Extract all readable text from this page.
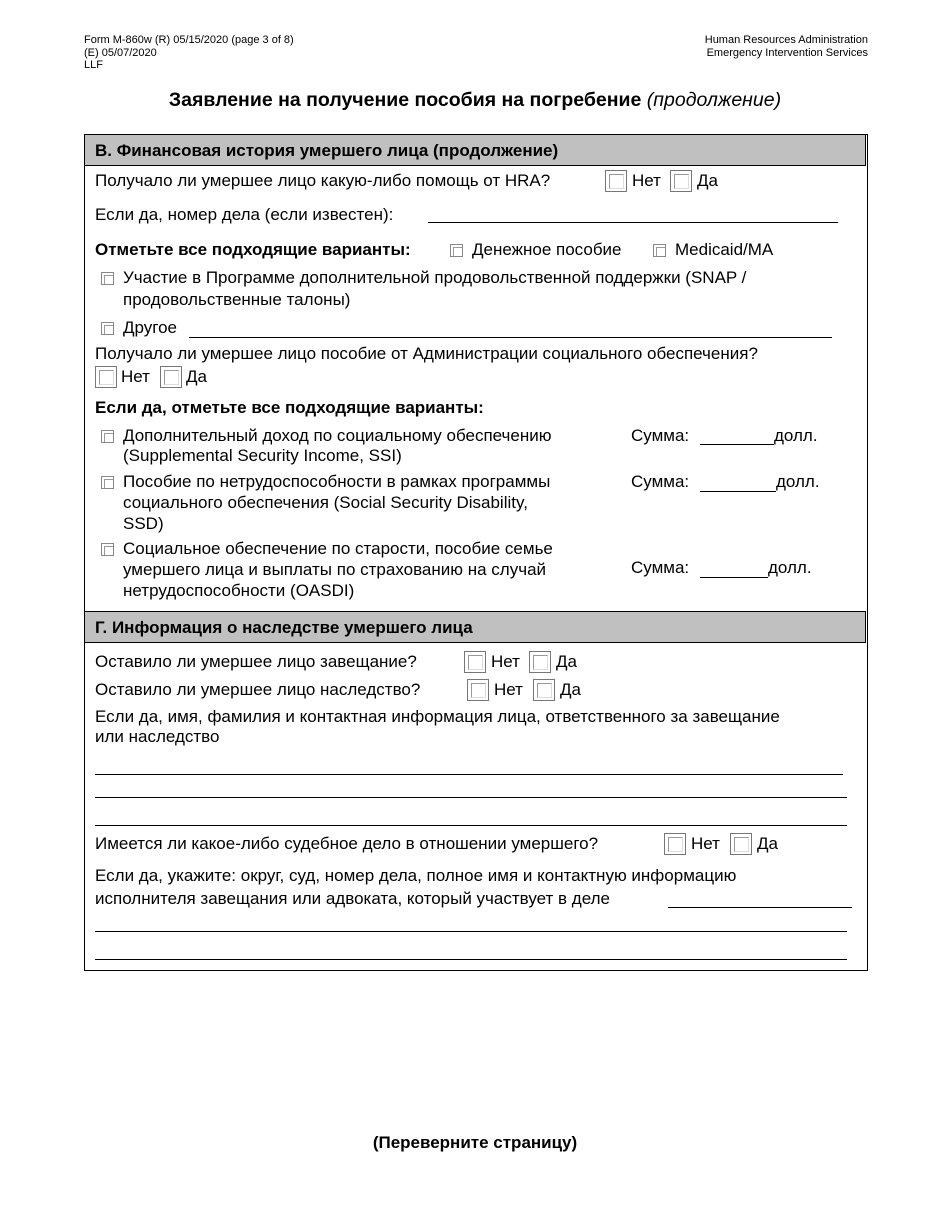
Form M-860w (R) 05/15/2020 (page 3 of 8)
(E) 05/07/2020
LLF
Human Resources Administration
Emergency Intervention Services
Заявление на получение пособия на погребение (продолжение)
В. Финансовая история умершего лица (продолжение)
Получало ли умершее лицо какую-либо помощь от HRA?	Нет Да
Если да, номер дела (если известен):
Отметьте все подходящие варианты:	Денежное пособие	Medicaid/MA
Участие в Программе дополнительной продовольственной поддержки (SNAP /
продовольственные талоны)
Другое
Получало ли умершее лицо пособие от Администрации социального обеспечения?
Нет Да
Если да, отметьте все подходящие варианты:
Дополнительный доход по социальному обеспечению
(Supplemental Security Income, SSI)
Сумма:	долл.
Пособие по нетрудоспособности в рамках программы
социального обеспечения (Social Security Disability,
SSD)
Сумма:	долл.
Социальное обеспечение по старости, пособие семье
умершего лица и выплаты по страхованию на случай
нетрудоспособности (OASDI)
Сумма:	долл.
Г. Информация о наследстве умершего лица
Оставило ли умершее лицо завещание?	Нет Да
Оставило ли умершее лицо наследство?	Нет Да
Если да, имя, фамилия и контактная информация лица, ответственного за завещание
или наследство
Имеется ли какое-либо судебное дело в отношении умершего?	Нет Да
Если да, укажите: округ, суд, номер дела, полное имя и контактную информацию
исполнителя завещания или адвоката, который участвует в деле
(Переверните страницу)
